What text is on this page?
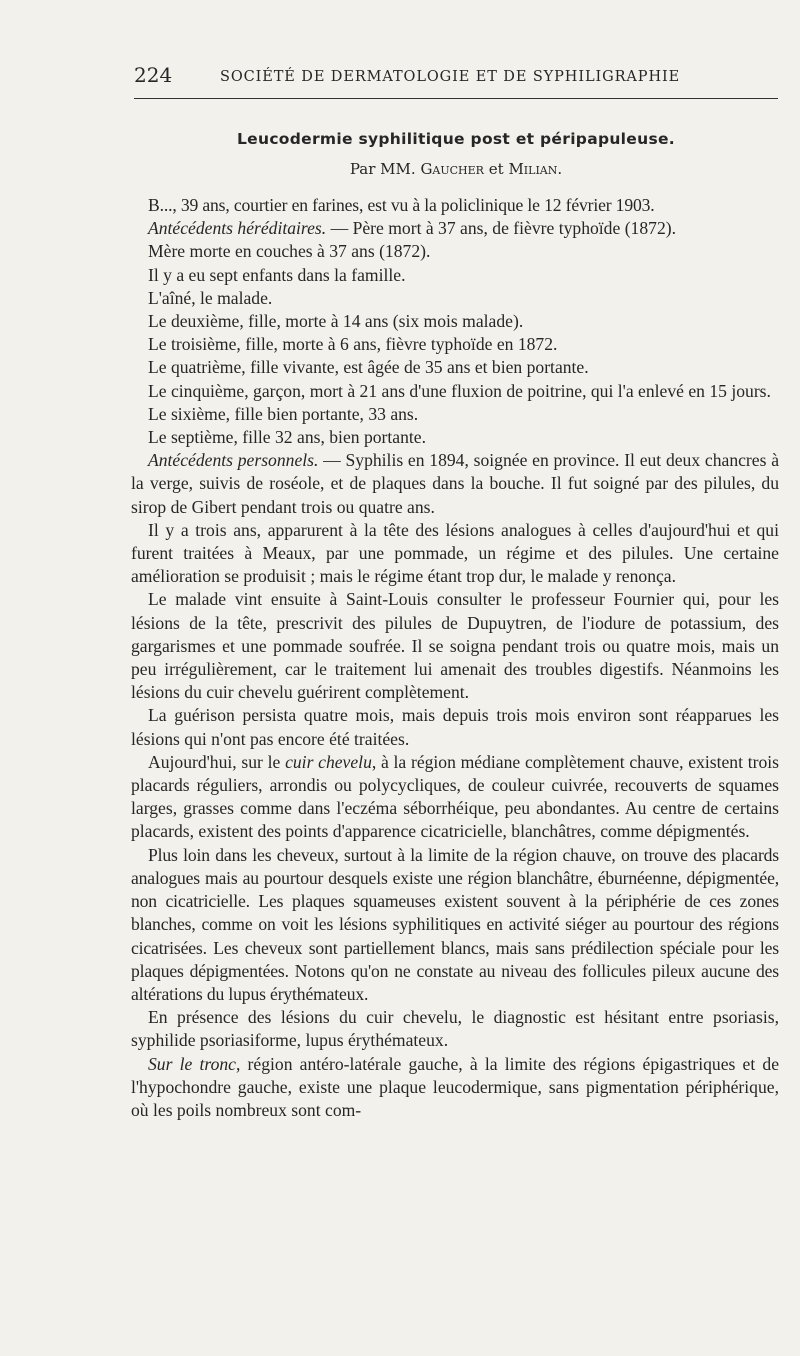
224	SOCIÉTÉ DE DERMATOLOGIE ET DE SYPHILIGRAPHIE
Leucodermie syphilitique post et péripapuleuse.
Par MM. Gaucher et Milian.

B..., 39 ans, courtier en farines, est vu à la policlinique le 12 février 1903.

Antécédents héréditaires. — Père mort à 37 ans, de fièvre typhoïde (1872).

Mère morte en couches à 37 ans (1872).

Il y a eu sept enfants dans la famille.

L'aîné, le malade.

Le deuxième, fille, morte à 14 ans (six mois malade).

Le troisième, fille, morte à 6 ans, fièvre typhoïde en 1872.

Le quatrième, fille vivante, est âgée de 35 ans et bien portante.

Le cinquième, garçon, mort à 21 ans d'une fluxion de poitrine, qui l'a enlevé en 15 jours.

Le sixième, fille bien portante, 33 ans.

Le septième, fille 32 ans, bien portante.

Antécédents personnels. — Syphilis en 1894, soignée en province. Il eut deux chancres à la verge, suivis de roséole, et de plaques dans la bouche. Il fut soigné par des pilules, du sirop de Gibert pendant trois ou quatre ans.

Il y a trois ans, apparurent à la tête des lésions analogues à celles d'aujourd'hui et qui furent traitées à Meaux, par une pommade, un régime et des pilules. Une certaine amélioration se produisit ; mais le régime étant trop dur, le malade y renonça.

Le malade vint ensuite à Saint-Louis consulter le professeur Fournier qui, pour les lésions de la tête, prescrivit des pilules de Dupuytren, de l'iodure de potassium, des gargarismes et une pommade soufrée. Il se soigna pendant trois ou quatre mois, mais un peu irrégulièrement, car le traitement lui amenait des troubles digestifs. Néanmoins les lésions du cuir chevelu guérirent complètement.

La guérison persista quatre mois, mais depuis trois mois environ sont réapparues les lésions qui n'ont pas encore été traitées.

Aujourd'hui, sur le cuir chevelu, à la région médiane complètement chauve, existent trois placards réguliers, arrondis ou polycycliques, de couleur cuivrée, recouverts de squames larges, grasses comme dans l'eczéma séborrhéique, peu abondantes. Au centre de certains placards, existent des points d'apparence cicatricielle, blanchâtres, comme dépigmentés.

Plus loin dans les cheveux, surtout à la limite de la région chauve, on trouve des placards analogues mais au pourtour desquels existe une région blanchâtre, éburnéenne, dépigmentée, non cicatricielle. Les plaques squameuses existent souvent à la périphérie de ces zones blanches, comme on voit les lésions syphilitiques en activité siéger au pourtour des régions cicatrisées. Les cheveux sont partiellement blancs, mais sans prédilection spéciale pour les plaques dépigmentées. Notons qu'on ne constate au niveau des follicules pileux aucune des altérations du lupus érythémateux.

En présence des lésions du cuir chevelu, le diagnostic est hésitant entre psoriasis, syphilide psoriasiforme, lupus érythémateux.

Sur le tronc, région antéro-latérale gauche, à la limite des régions épigastriques et de l'hypochondre gauche, existe une plaque leucodermique, sans pigmentation périphérique, où les poils nombreux sont com-
